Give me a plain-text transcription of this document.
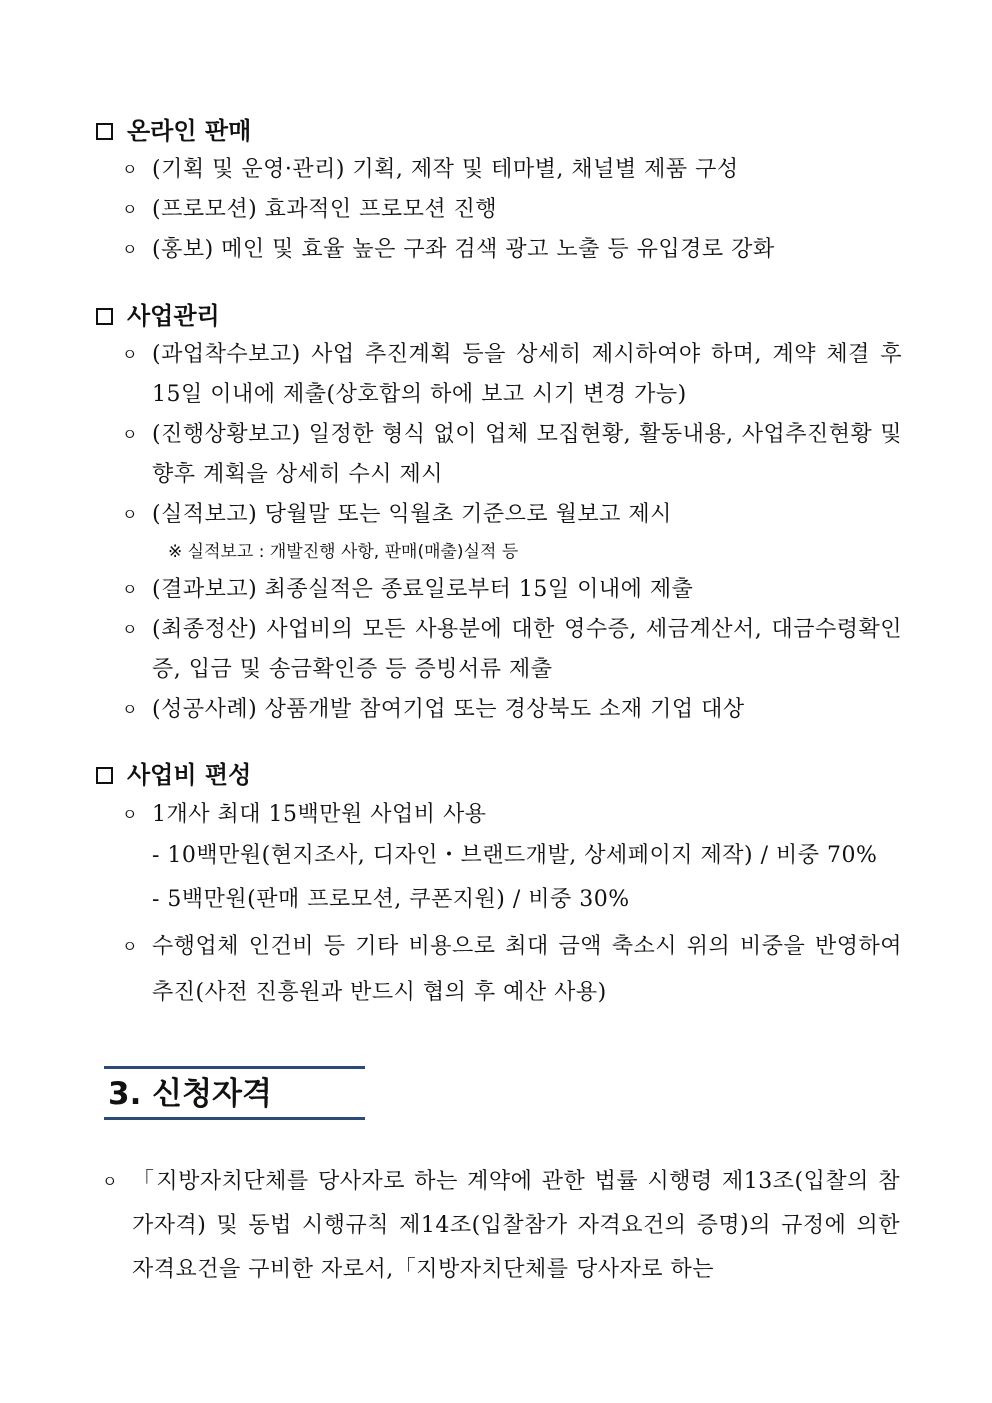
온라인 판매
ㅇ (기획 및 운영·관리) 기획, 제작 및 테마별, 채널별 제품 구성
ㅇ (프로모션) 효과적인 프로모션 진행
ㅇ (홍보) 메인 및 효율 높은 구좌 검색 광고 노출 등 유입경로 강화
사업관리
ㅇ (과업착수보고) 사업 추진계획 등을 상세히 제시하여야 하며, 계약 체결 후 15일 이내에 제출(상호합의 하에 보고 시기 변경 가능)
ㅇ (진행상황보고) 일정한 형식 없이 업체 모집현황, 활동내용, 사업추진현황 및 향후 계획을 상세히 수시 제시
ㅇ (실적보고) 당월말 또는 익월초 기준으로 월보고 제시
※ 실적보고 : 개발진행 사항, 판매(매출)실적 등
ㅇ (결과보고) 최종실적은 종료일로부터 15일 이내에 제출
ㅇ (최종정산) 사업비의 모든 사용분에 대한 영수증, 세금계산서, 대금수령확인증, 입금 및 송금확인증 등 증빙서류 제출
ㅇ (성공사례) 상품개발 참여기업 또는 경상북도 소재 기업 대상
사업비 편성
ㅇ 1개사 최대 15백만원 사업비 사용
- 10백만원(현지조사, 디자인・브랜드개발, 상세페이지 제작) / 비중 70%
- 5백만원(판매 프로모션, 쿠폰지원) / 비중 30%
ㅇ 수행업체 인건비 등 기타 비용으로 최대 금액 축소시 위의 비중을 반영하여 추진(사전 진흥원과 반드시 협의 후 예산 사용)
3. 신청자격
ㅇ 「지방자치단체를 당사자로 하는 계약에 관한 법률 시행령 제13조(입찰의 참가자격) 및 동법 시행규칙 제14조(입찰참가 자격요건의 증명)의 규정에 의한 자격요건을 구비한 자로서,「지방자치단체를 당사자로 하는
